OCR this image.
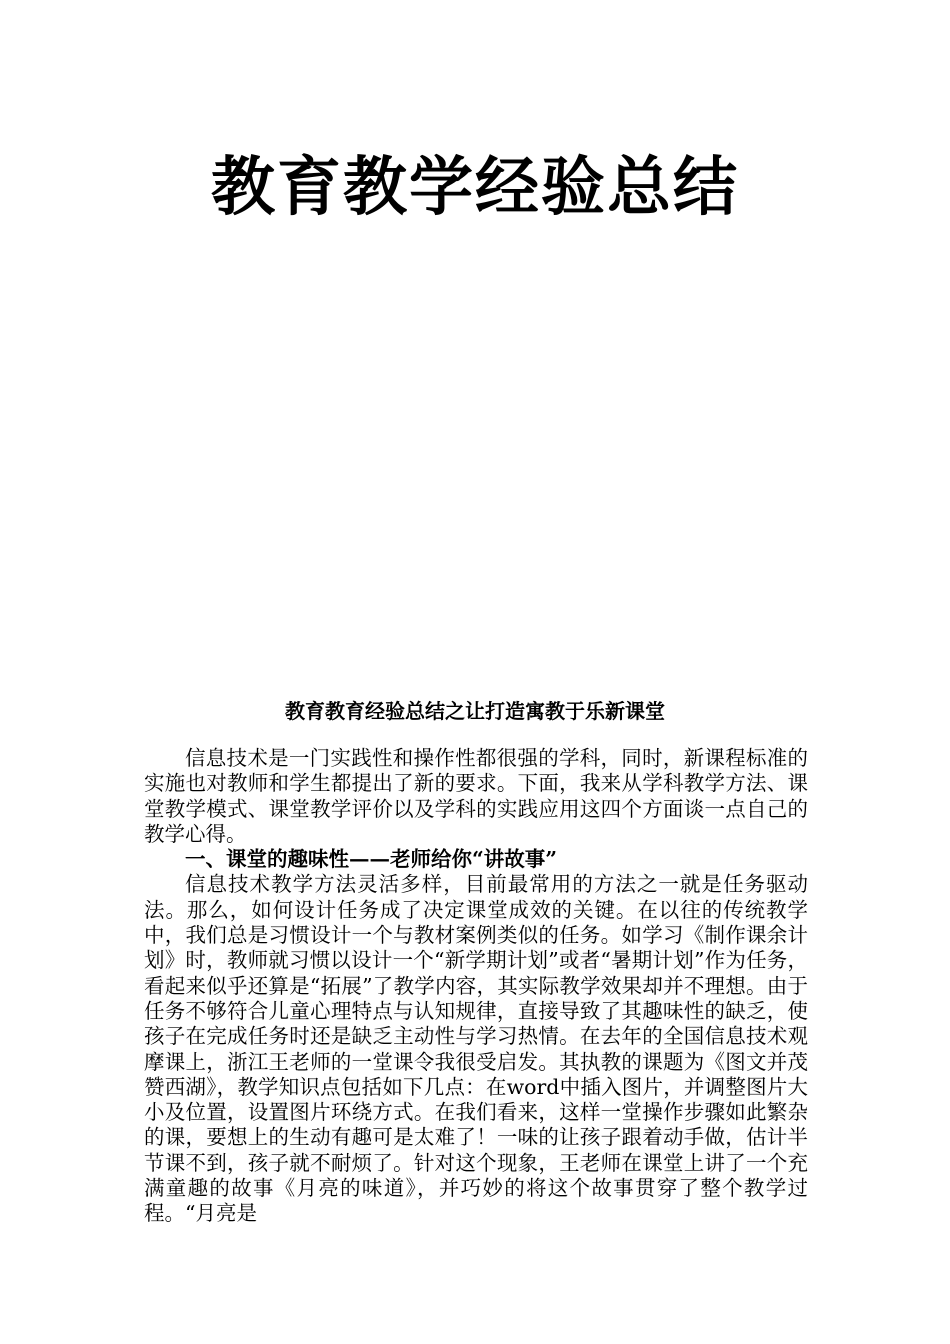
教育教学经验总结
教育教育经验总结之让打造寓教于乐新课堂

信息技术是一门实践性和操作性都很强的学科，同时，新课程标准的实施也对教师和学生都提出了新的要求。下面，我来从学科教学方法、课堂教学模式、课堂教学评价以及学科的实践应用这四个方面谈一点自己的教学心得。

一、课堂的趣味性——老师给你“讲故事”

信息技术教学方法灵活多样，目前最常用的方法之一就是任务驱动法。那么，如何设计任务成了决定课堂成效的关键。在以往的传统教学中，我们总是习惯设计一个与教材案例类似的任务。如学习《制作课余计划》时，教师就习惯以设计一个“新学期计划”或者“暑期计划”作为任务，看起来似乎还算是“拓展”了教学内容，其实际教学效果却并不理想。由于任务不够符合儿童心理特点与认知规律，直接导致了其趣味性的缺乏，使孩子在完成任务时还是缺乏主动性与学习热情。在去年的全国信息技术观摩课上，浙江王老师的一堂课令我很受启发。其执教的课题为《图文并茂赞西湖》，教学知识点包括如下几点：在word中插入图片，并调整图片大小及位置，设置图片环绕方式。在我们看来，这样一堂操作步骤如此繁杂的课，要想上的生动有趣可是太难了！一味的让孩子跟着动手做，估计半节课不到，孩子就不耐烦了。针对这个现象，王老师在课堂上讲了一个充满童趣的故事《月亮的味道》，并巧妙的将这个故事贯穿了整个教学过程。“月亮是
